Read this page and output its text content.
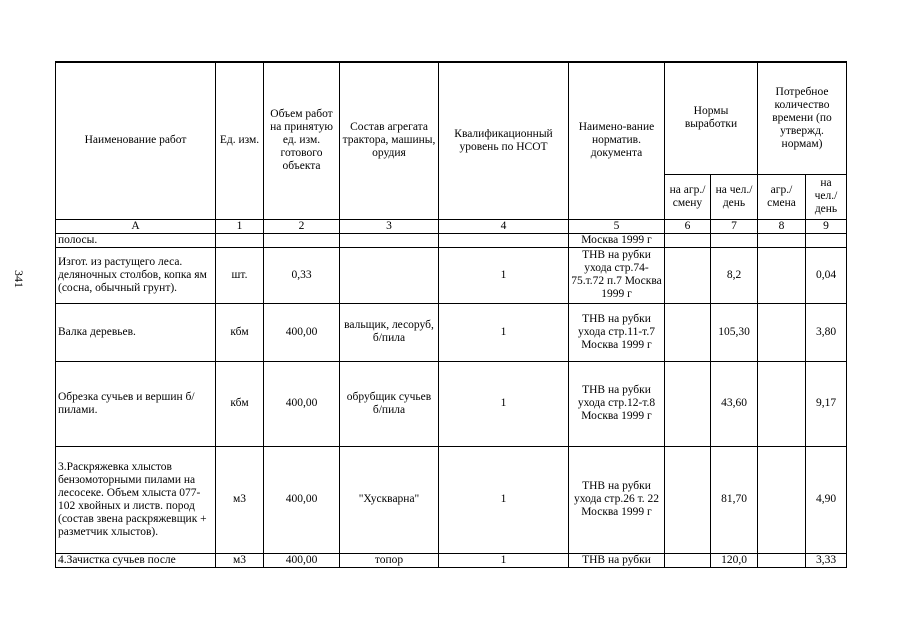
341
Наименование работ	Ед. изм.	Объем работ на принятую ед. изм. готового объекта	Состав агрегата трактора, машины, орудия	Квалификационный уровень по НСОТ	Наимено-вание норматив. документа	Нормы выработки		Потребное количество времени (по утвержд. нормам)	
						на агр./ смену	на чел./ день	агр./ смена	на чел./ день
А	1	2	3	4	5	6	7	8	9
полосы.					Москва 1999 г				
Изгот. из растущего леса. деляночных столбов, копка ям (сосна, обычный грунт).	шт.	0,33		1	ТНВ на рубки ухода стр.74-75.т.72 п.7 Москва 1999 г		8,2		0,04
Валка деревьев.	кбм	400,00	вальщик, лесоруб, б/пила	1	ТНВ на рубки ухода стр.11-т.7 Москва 1999 г		105,30		3,80
Обрезка сучьев и вершин б/пилами.	кбм	400,00	обрубщик сучьев б/пила	1	ТНВ на рубки ухода стр.12-т.8 Москва 1999 г		43,60		9,17
3.Раскряжевка хлыстов бензомоторными пилами на лесосеке. Объем хлыста 077-102 хвойных и листв. пород (состав звена раскряжевщик + разметчик хлыстов).	м3	400,00	"Хускварна"	1	ТНВ на рубки ухода стр.26 т. 22 Москва 1999 г		81,70		4,90
4.Зачистка сучьев после	м3	400,00	топор	1	ТНВ на рубки		120,0		3,33
